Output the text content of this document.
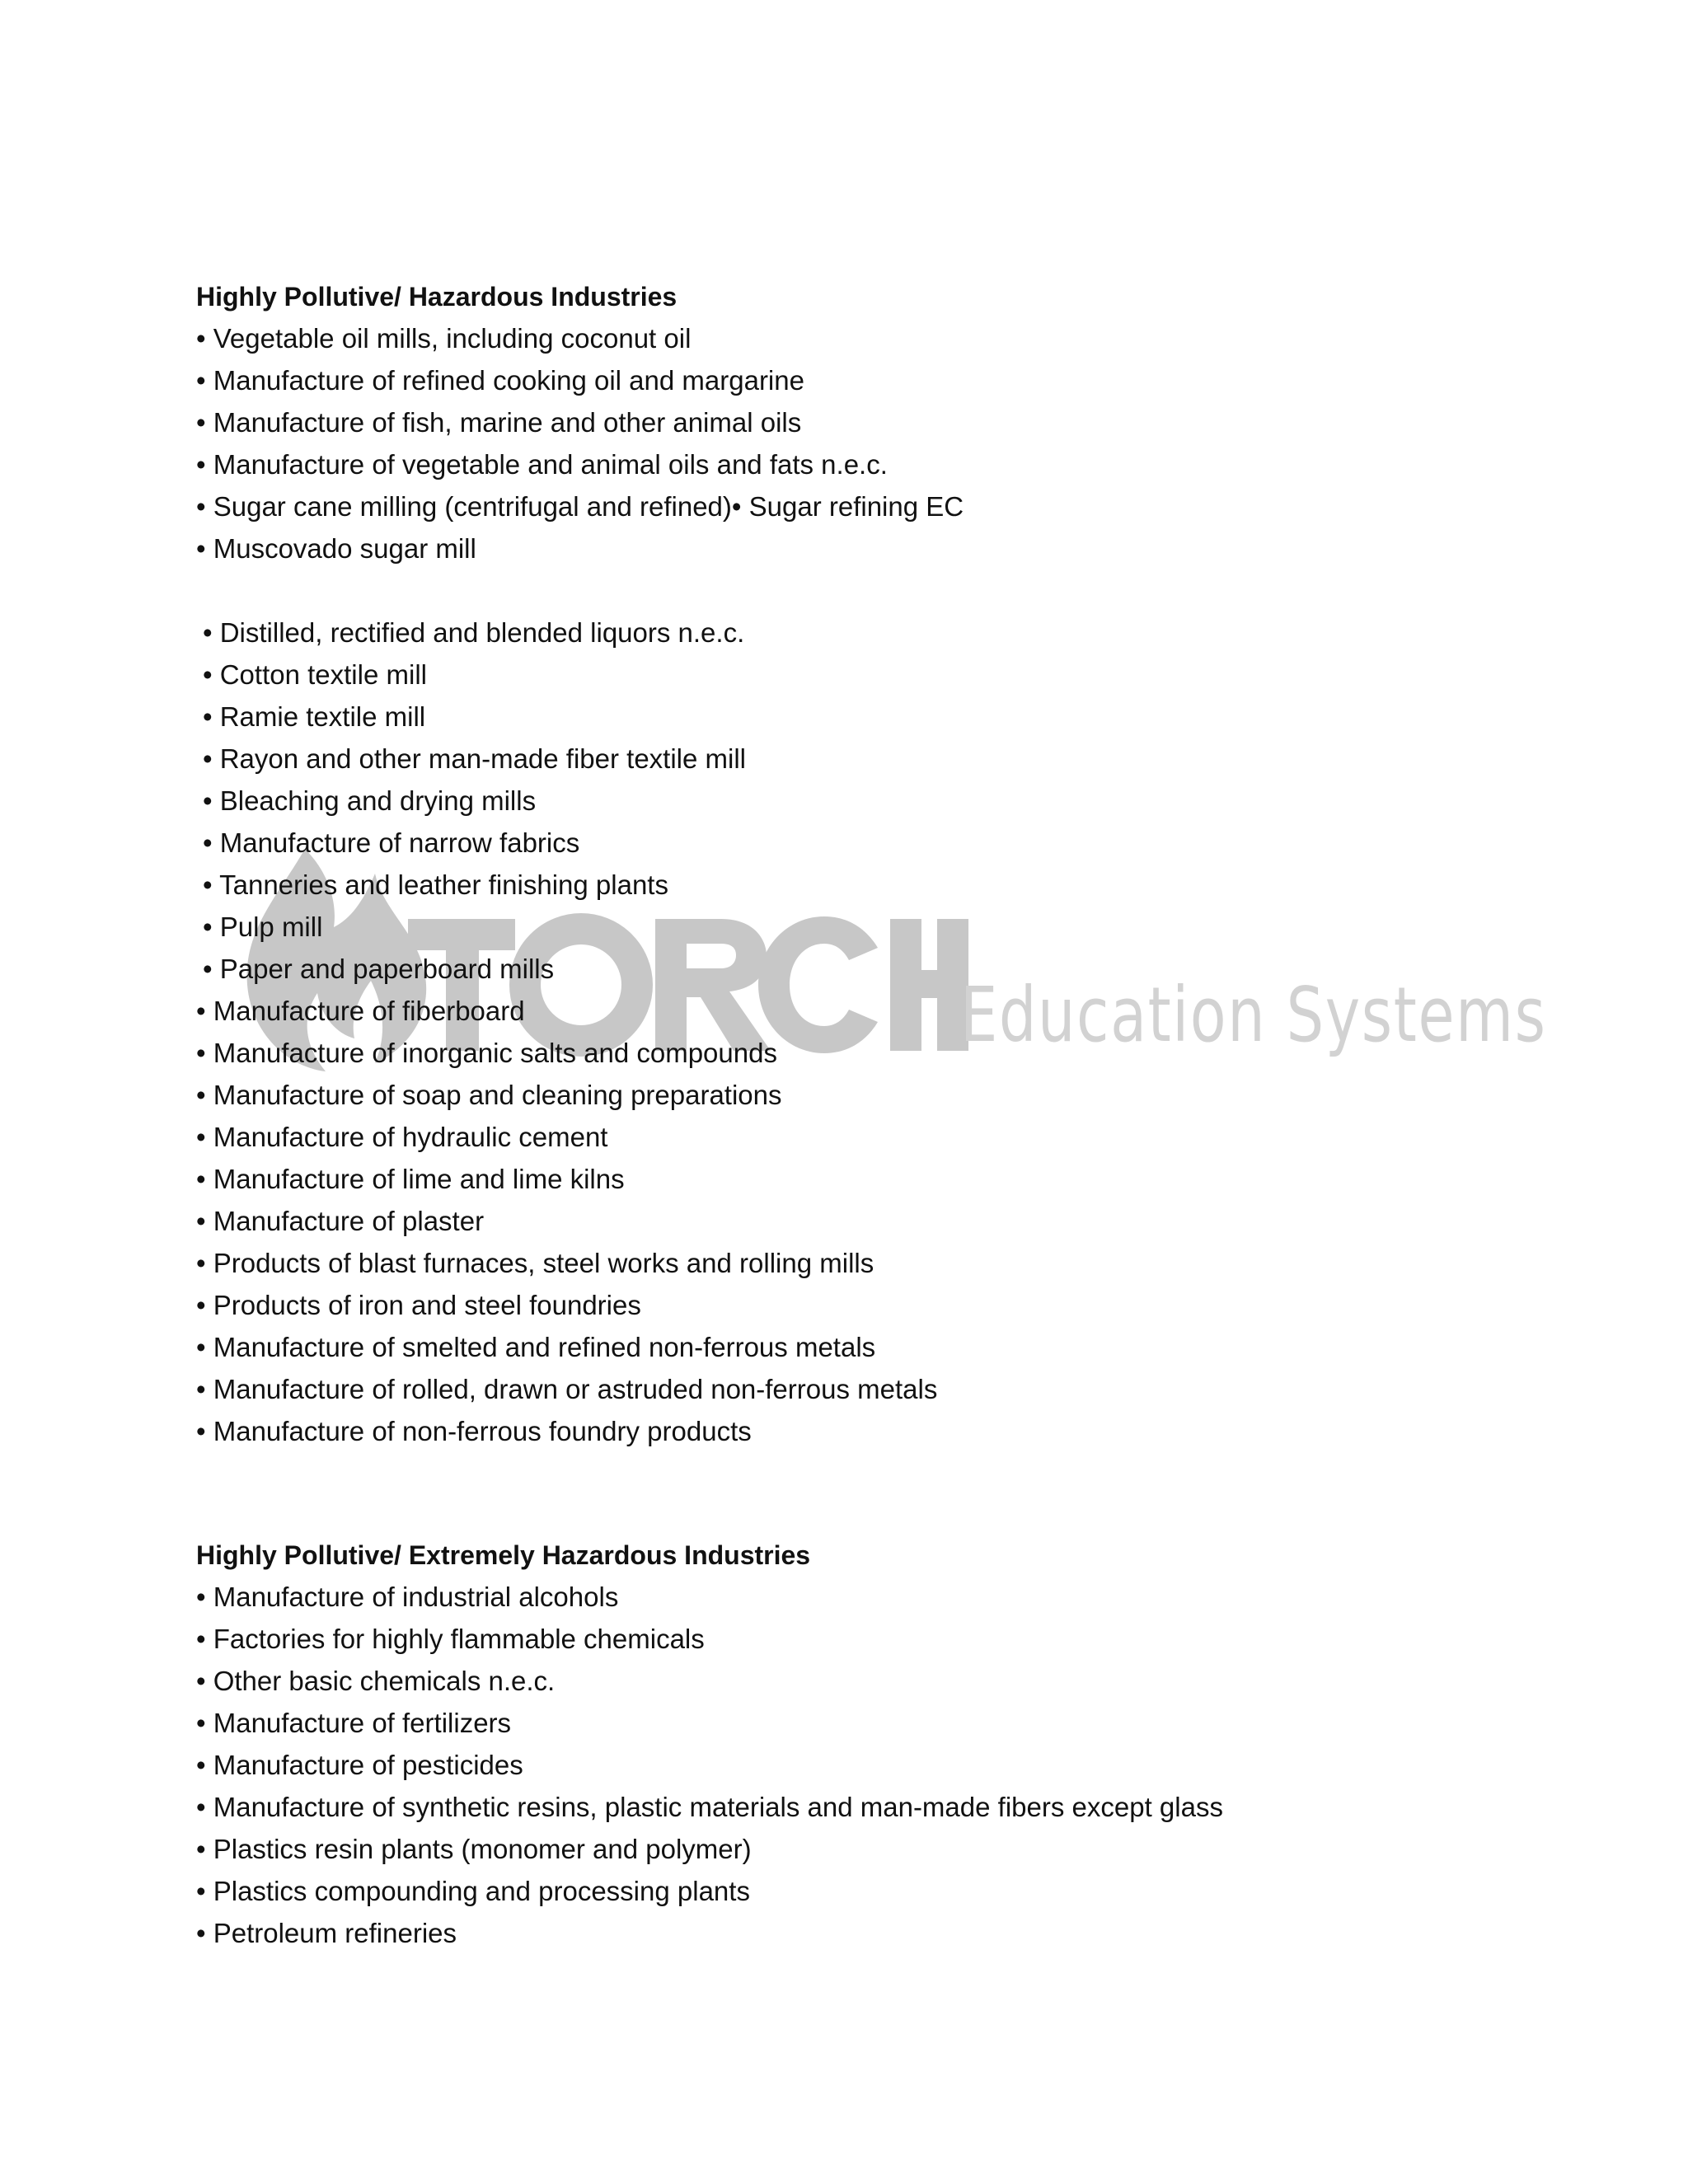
Education Systems
Highly Pollutive/ Hazardous Industries
• Vegetable oil mills, including coconut oil
• Manufacture of refined cooking oil and margarine
• Manufacture of fish, marine and other animal oils
• Manufacture of vegetable and animal oils and fats n.e.c.
• Sugar cane milling (centrifugal and refined)• Sugar refining EC
• Muscovado sugar mill
• Distilled, rectified and blended liquors n.e.c.
• Cotton textile mill
• Ramie textile mill
• Rayon and other man-made fiber textile mill
• Bleaching and drying mills
• Manufacture of narrow fabrics
• Tanneries and leather finishing plants
• Pulp mill
• Paper and paperboard mills
• Manufacture of fiberboard
• Manufacture of inorganic salts and compounds
• Manufacture of soap and cleaning preparations
• Manufacture of hydraulic cement
• Manufacture of lime and lime kilns
• Manufacture of plaster
• Products of blast furnaces, steel works and rolling mills
• Products of iron and steel foundries
• Manufacture of smelted and refined non-ferrous metals
• Manufacture of rolled, drawn or astruded non-ferrous metals
• Manufacture of non-ferrous foundry products
Highly Pollutive/ Extremely Hazardous Industries
• Manufacture of industrial alcohols
• Factories for highly flammable chemicals
• Other basic chemicals n.e.c.
• Manufacture of fertilizers
• Manufacture of pesticides
• Manufacture of synthetic resins, plastic materials and man-made fibers except glass
• Plastics resin plants (monomer and polymer)
• Plastics compounding and processing plants
• Petroleum refineries
